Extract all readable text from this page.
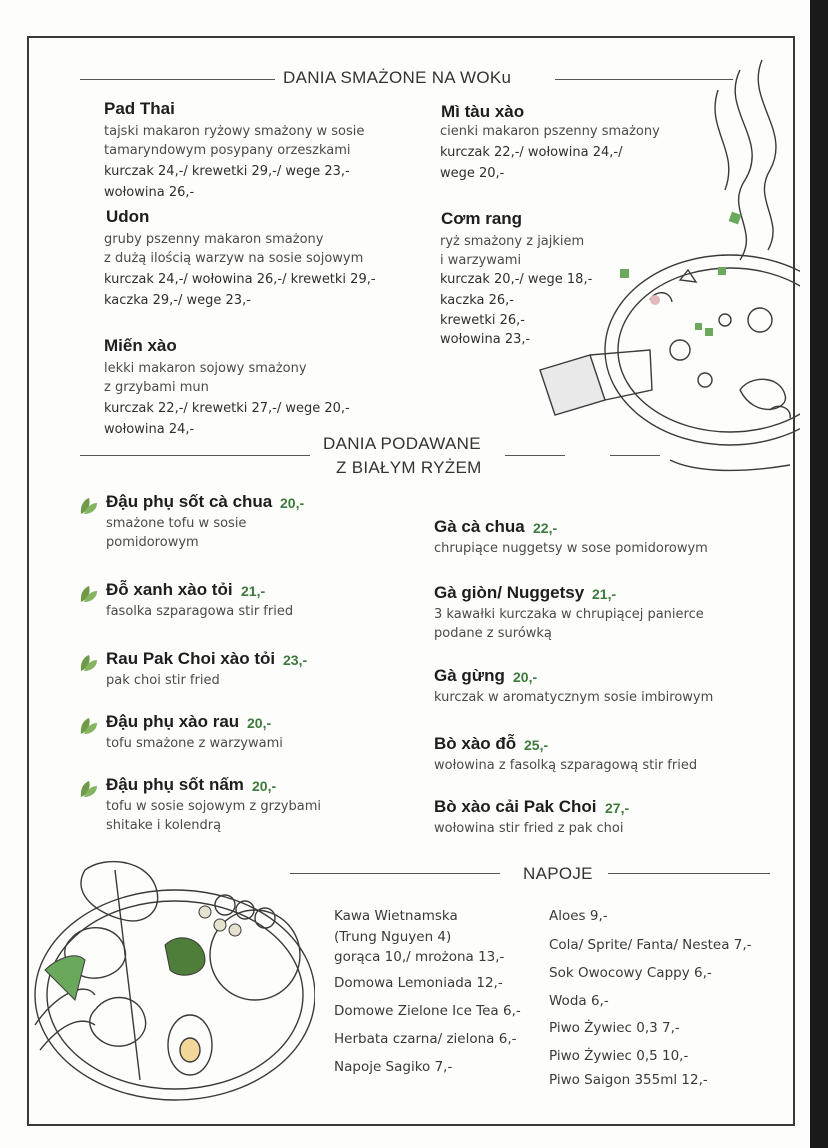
DANIA SMAŻONE NA WOKu
Pad Thai
tajski makaron ryżowy smażony w sosie
tamaryndowym posypany orzeszkami
kurczak 24,-/ krewetki 29,-/ wege 23,-
wołowina 26,-
Udon
gruby pszenny makaron smażony
z dużą ilością warzyw na sosie sojowym
kurczak 24,-/ wołowina 26,-/ krewetki 29,-
kaczka 29,-/ wege 23,-
Miến xào
lekki makaron sojowy smażony
z grzybami mun
kurczak 22,-/ krewetki 27,-/ wege 20,-
wołowina 24,-
Mì tàu xào
cienki makaron pszenny smażony
kurczak 22,-/ wołowina 24,-/
wege 20,-
Cơm rang
ryż smażony z jajkiem
i warzywami
kurczak 20,-/ wege 18,-
kaczka 26,-
krewetki 26,-
wołowina 23,-
DANIA PODAWANE
Z BIAŁYM RYŻEM
NAPOJE
Đậu phụ sốt cà chua 20,-
smażone tofu w sosie
pomidorowym
Đỗ xanh xào tỏi 21,-
fasolka szparagowa stir fried
Rau Pak Choi xào tỏi 23,-
pak choi stir fried
Đậu phụ xào rau 20,-
tofu smażone z warzywami
Đậu phụ sốt nấm 20,-
tofu w sosie sojowym z grzybami
shitake i kolendrą
Gà cà chua 22,-
chrupiące nuggetsy w sose pomidorowym
Gà giòn/ Nuggetsy 21,-
3 kawałki kurczaka w chrupiącej panierce
podane z surówką
Gà gừng 20,-
kurczak w aromatycznym sosie imbirowym
Bò xào đỗ 25,-
wołowina z fasolką szparagową stir fried
Bò xào cải Pak Choi 27,-
wołowina stir fried z pak choi
Kawa Wietnamska
(Trung Nguyen 4)
gorąca 10,/ mrożona 13,-
Domowa Lemoniada 12,-
Domowe Zielone Ice Tea 6,-
Herbata czarna/ zielona 6,-
Napoje Sagiko 7,-
Aloes 9,-
Cola/ Sprite/ Fanta/ Nestea 7,-
Sok Owocowy Cappy 6,-
Woda 6,-
Piwo Żywiec 0,3 7,-
Piwo Żywiec 0,5 10,-
Piwo Saigon 355ml 12,-
